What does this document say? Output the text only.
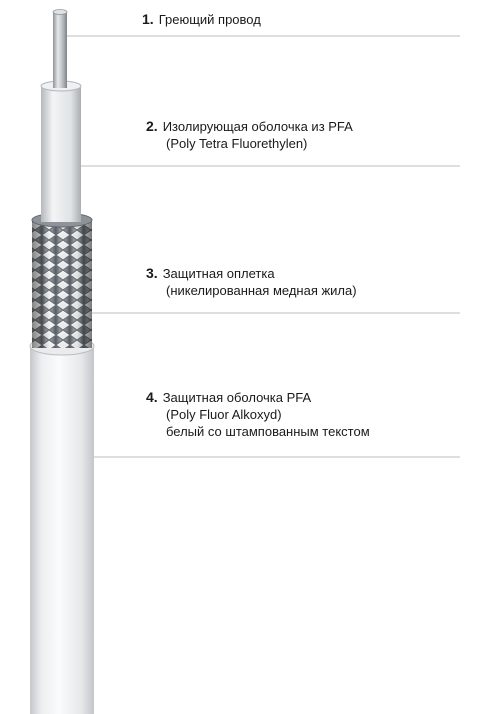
1. Греющий провод
2. Изолирующая оболочка из PFA
(Poly Tetra Fluorethylen)
3. Защитная оплетка
(никелированная медная жила)
4. Защитная оболочка PFA
(Poly Fluor Alkoxyd)
белый со штампованным текстом
